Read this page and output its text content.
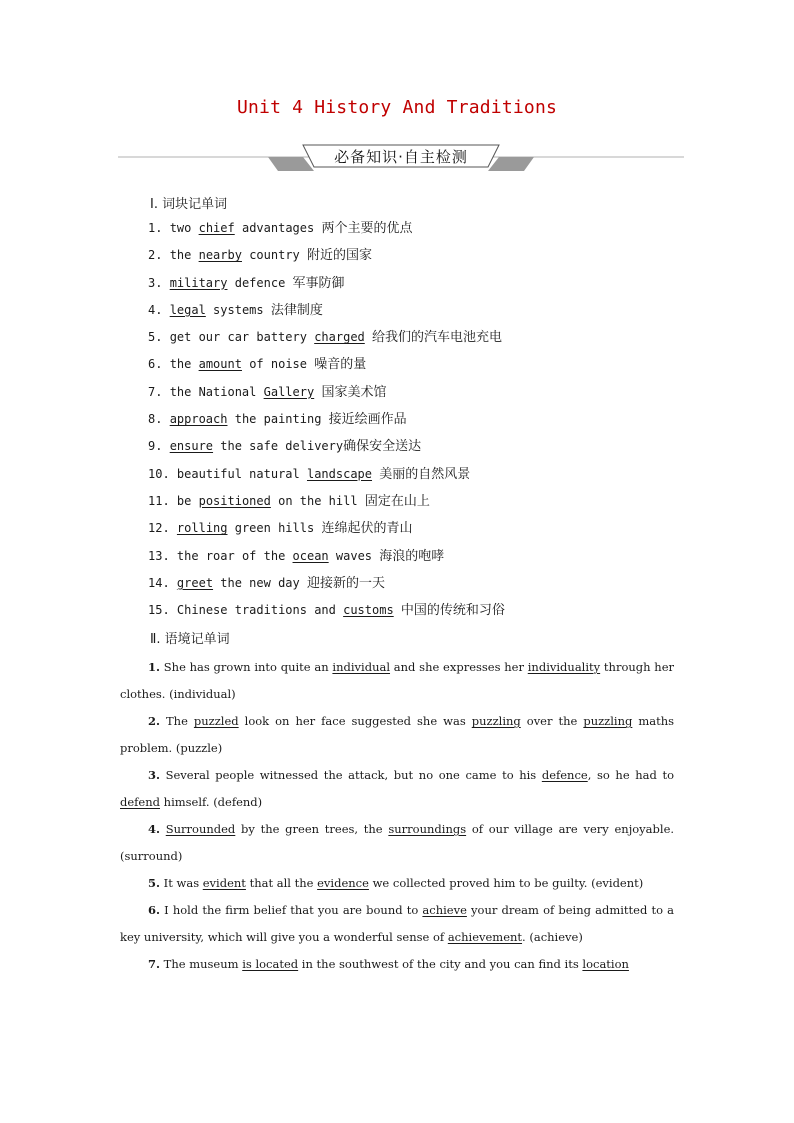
Unit 4 History And Traditions
必备知识·自主检测
Ⅰ. 词块记单词
1. two chief advantages 两个主要的优点
2. the nearby country 附近的国家
3. military defence 军事防御
4. legal systems 法律制度
5. get our car battery charged 给我们的汽车电池充电
6. the amount of noise 噪音的量
7. the National Gallery 国家美术馆
8. approach the painting 接近绘画作品
9. ensure the safe delivery确保安全送达
10. beautiful natural landscape 美丽的自然风景
11. be positioned on the hill 固定在山上
12. rolling green hills 连绵起伏的青山
13. the roar of the ocean waves 海浪的咆哮
14. greet the new day 迎接新的一天
15. Chinese traditions and customs 中国的传统和习俗
Ⅱ. 语境记单词
1. She has grown into quite an individual and she expresses her individuality through her clothes. (individual)
2. The puzzled look on her face suggested she was puzzling over the puzzling maths problem. (puzzle)
3. Several people witnessed the attack, but no one came to his defence, so he had to defend himself. (defend)
4. Surrounded by the green trees, the surroundings of our village are very enjoyable. (surround)
5. It was evident that all the evidence we collected proved him to be guilty. (evident)
6. I hold the firm belief that you are bound to achieve your dream of being admitted to a key university, which will give you a wonderful sense of achievement. (achieve)
7. The museum is located in the southwest of the city and you can find its location
